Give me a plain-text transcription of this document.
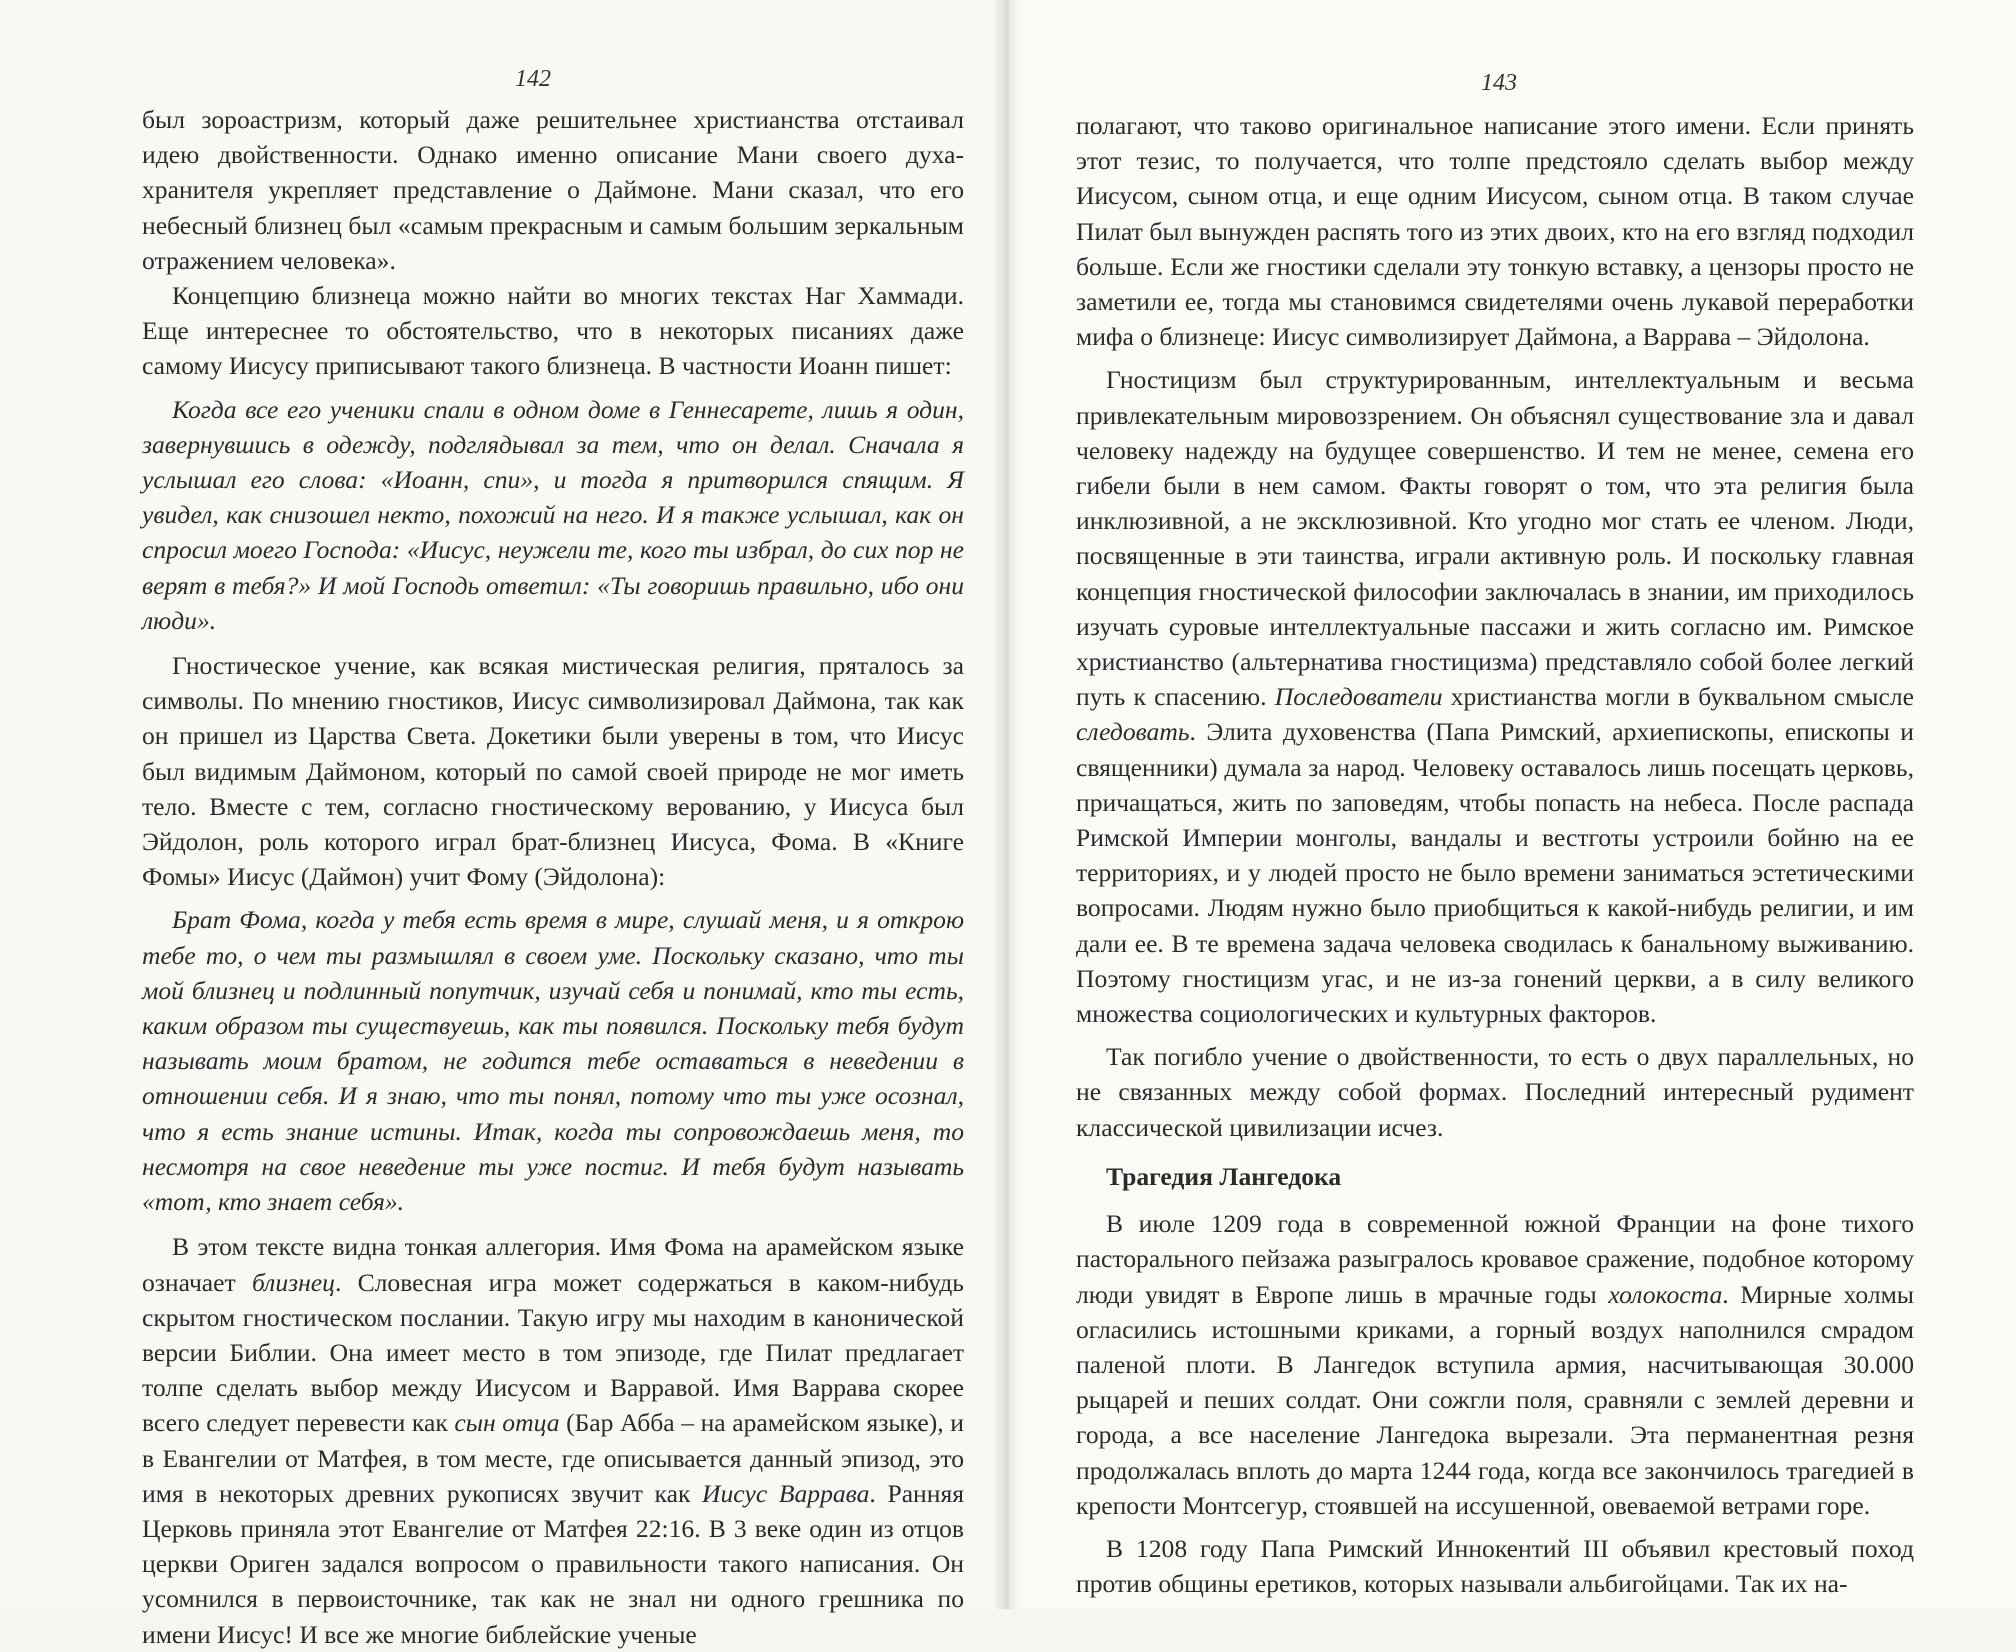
142

был зороастризм, который даже решительнее христианства отстаивал идею двойственности. Однако именно описание Мани своего духа-хранителя укрепляет представление о Даймоне. Мани сказал, что его небесный близнец был «самым прекрасным и самым большим зеркальным отражением человека».

Концепцию близнеца можно найти во многих текстах Наг Хаммади. Еще интереснее то обстоятельство, что в некоторых писаниях даже самому Иисусу приписывают такого близнеца. В частности Иоанн пишет:

Когда все его ученики спали в одном доме в Геннесарете, лишь я один, завернувшись в одежду, подглядывал за тем, что он делал. Сначала я услышал его слова: «Иоанн, спи», и тогда я притворился спящим. Я увидел, как снизошел некто, похожий на него. И я также услышал, как он спросил моего Господа: «Иисус, неужели те, кого ты избрал, до сих пор не верят в тебя?» И мой Господь ответил: «Ты говоришь правильно, ибо они люди».

Гностическое учение, как всякая мистическая религия, пряталось за символы. По мнению гностиков, Иисус символизировал Даймона, так как он пришел из Царства Света. Докетики были уверены в том, что Иисус был видимым Даймоном, который по самой своей природе не мог иметь тело. Вместе с тем, согласно гностическому верованию, у Иисуса был Эйдолон, роль которого играл брат-близнец Иисуса, Фома. В «Книге Фомы» Иисус (Даймон) учит Фому (Эйдолона):

Брат Фома, когда у тебя есть время в мире, слушай меня, и я открою тебе то, о чем ты размышлял в своем уме. Поскольку сказано, что ты мой близнец и подлинный попутчик, изучай себя и понимай, кто ты есть, каким образом ты существуешь, как ты появился. Поскольку тебя будут называть моим братом, не годится тебе оставаться в неведении в отношении себя. И я знаю, что ты понял, потому что ты уже осознал, что я есть знание истины. Итак, когда ты сопровождаешь меня, то несмотря на свое неведение ты уже постиг. И тебя будут называть «тот, кто знает себя».

В этом тексте видна тонкая аллегория. Имя Фома на арамейском языке означает близнец. Словесная игра может содержаться в каком-нибудь скрытом гностическом послании. Такую игру мы находим в канонической версии Библии. Она имеет место в том эпизоде, где Пилат предлагает толпе сделать выбор между Иисусом и Варравой. Имя Варрава скорее всего следует перевести как сын отца (Бар Абба – на арамейском языке), и в Евангелии от Матфея, в том месте, где описывается данный эпизод, это имя в некоторых древних рукописях звучит как Иисус Варрава. Ранняя Церковь приняла этот Евангелие от Матфея 22:16. В 3 веке один из отцов церкви Ориген задался вопросом о правильности такого написания. Он усомнился в первоисточнике, так как не знал ни одного грешника по имени Иисус! И все же многие библейские ученые

143

полагают, что таково оригинальное написание этого имени. Если принять этот тезис, то получается, что толпе предстояло сделать выбор между Иисусом, сыном отца, и еще одним Иисусом, сыном отца. В таком случае Пилат был вынужден распять того из этих двоих, кто на его взгляд подходил больше. Если же гностики сделали эту тонкую вставку, а цензоры просто не заметили ее, тогда мы становимся свидетелями очень лукавой переработки мифа о близнеце: Иисус символизирует Даймона, а Варрава – Эйдолона.

Гностицизм был структурированным, интеллектуальным и весьма привлекательным мировоззрением. Он объяснял существование зла и давал человеку надежду на будущее совершенство. И тем не менее, семена его гибели были в нем самом. Факты говорят о том, что эта религия была инклюзивной, а не эксклюзивной. Кто угодно мог стать ее членом. Люди, посвященные в эти таинства, играли активную роль. И поскольку главная концепция гностической философии заключалась в знании, им приходилось изучать суровые интеллектуальные пассажи и жить согласно им. Римское христианство (альтернатива гностицизма) представляло собой более легкий путь к спасению. Последователи христианства могли в буквальном смысле следовать. Элита духовенства (Папа Римский, архиепископы, епископы и священники) думала за народ. Человеку оставалось лишь посещать церковь, причащаться, жить по заповедям, чтобы попасть на небеса. После распада Римской Империи монголы, вандалы и вестготы устроили бойню на ее территориях, и у людей просто не было времени заниматься эстетическими вопросами. Людям нужно было приобщиться к какой-нибудь религии, и им дали ее. В те времена задача человека сводилась к банальному выживанию. Поэтому гностицизм угас, и не из-за гонений церкви, а в силу великого множества социологических и культурных факторов.

Так погибло учение о двойственности, то есть о двух параллельных, но не связанных между собой формах. Последний интересный рудимент классической цивилизации исчез.

Трагедия Лангедока

В июле 1209 года в современной южной Франции на фоне тихого пасторального пейзажа разыгралось кровавое сражение, подобное которому люди увидят в Европе лишь в мрачные годы холокоста. Мирные холмы огласились истошными криками, а горный воздух наполнился смрадом паленой плоти. В Лангедок вступила армия, насчитывающая 30.000 рыцарей и пеших солдат. Они сожгли поля, сравняли с землей деревни и города, а все население Лангедока вырезали. Эта перманентная резня продолжалась вплоть до марта 1244 года, когда все закончилось трагедией в крепости Монтсегур, стоявшей на иссушенной, овеваемой ветрами горе.

В 1208 году Папа Римский Иннокентий III объявил крестовый поход против общины еретиков, которых называли альбигойцами. Так их на-
